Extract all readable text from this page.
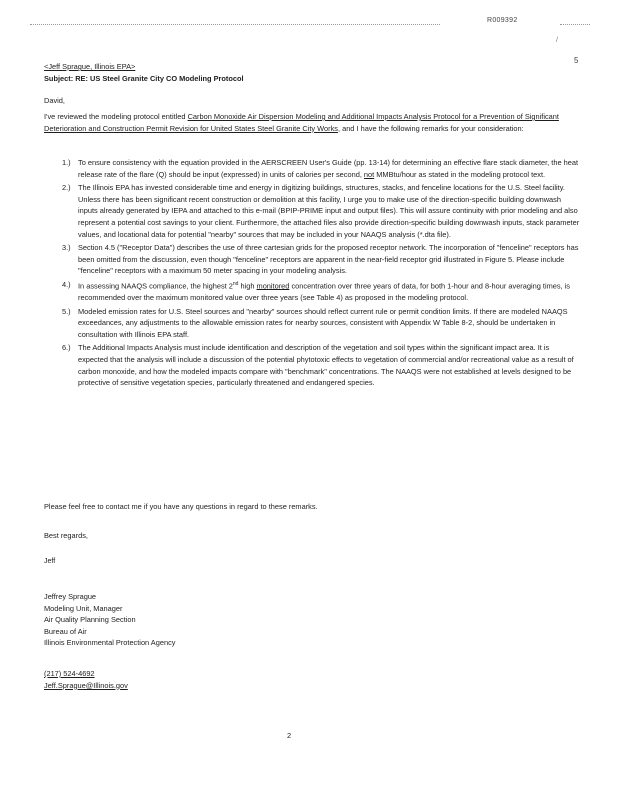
R009392
/
5
<Jeff Sprague, Illinois EPA>
Subject: RE: US Steel Granite City CO Modeling Protocol
David,
I've reviewed the modeling protocol entitled Carbon Monoxide Air Dispersion Modeling and Additional Impacts Analysis Protocol for a Prevention of Significant Deterioration and Construction Permit Revision for United States Steel Granite City Works, and I have the following remarks for your consideration:
1.) To ensure consistency with the equation provided in the AERSCREEN User's Guide (pp. 13-14) for determining an effective flare stack diameter, the heat release rate of the flare (Q) should be input (expressed) in units of calories per second, not MMBtu/hour as stated in the modeling protocol text.
2.) The Illinois EPA has invested considerable time and energy in digitizing buildings, structures, stacks, and fenceline locations for the U.S. Steel facility. Unless there has been significant recent construction or demolition at this facility, I urge you to make use of the direction-specific building downwash inputs already generated by IEPA and attached to this e-mail (BPIP-PRIME input and output files). This will assure continuity with prior modeling and also represent a potential cost savings to your client. Furthermore, the attached files also provide direction-specific building downwash inputs, stack parameter values, and locational data for potential "nearby" sources that may be included in your NAAQS analysis (*.dta file).
3.) Section 4.5 ("Receptor Data") describes the use of three cartesian grids for the proposed receptor network. The incorporation of "fenceline" receptors has been omitted from the discussion, even though "fenceline" receptors are apparent in the near-field receptor grid illustrated in Figure 5. Please include "fenceline" receptors with a maximum 50 meter spacing in your modeling analysis.
4.) In assessing NAAQS compliance, the highest 2nd high monitored concentration over three years of data, for both 1-hour and 8-hour averaging times, is recommended over the maximum monitored value over three years (see Table 4) as proposed in the modeling protocol.
5.) Modeled emission rates for U.S. Steel sources and "nearby" sources should reflect current rule or permit condition limits. If there are modeled NAAQS exceedances, any adjustments to the allowable emission rates for nearby sources, consistent with Appendix W Table 8-2, should be undertaken in consultation with Illinois EPA staff.
6.) The Additional Impacts Analysis must include identification and description of the vegetation and soil types within the significant impact area. It is expected that the analysis will include a discussion of the potential phytotoxic effects to vegetation of commercial and/or recreational value as a result of carbon monoxide, and how the modeled impacts compare with "benchmark" concentrations. The NAAQS were not established at levels designed to be protective of sensitive vegetation species, particularly threatened and endangered species.
Please feel free to contact me if you have any questions in regard to these remarks.
Best regards,
Jeff
Jeffrey Sprague
Modeling Unit, Manager
Air Quality Planning Section
Bureau of Air
Illinois Environmental Protection Agency
(217) 524-4692
Jeff.Sprague@Illinois.gov
2
